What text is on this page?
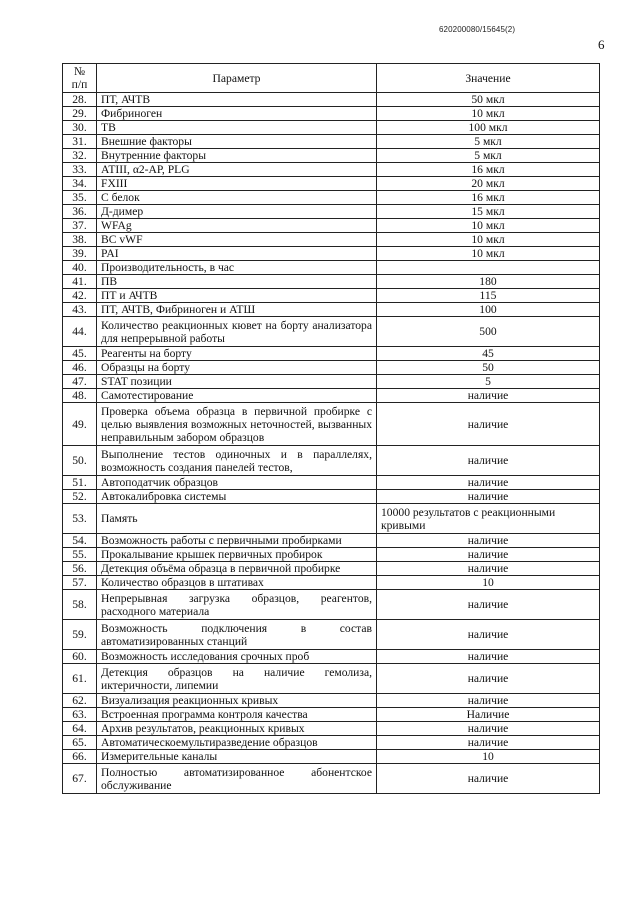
620200080/15645(2)
6
№
п/п	Параметр	Значение
28.	ПТ, АЧТВ	50 мкл
29.	Фибриноген	10 мкл
30.	ТВ	100 мкл
31.	Внешние факторы	5 мкл
32.	Внутренние факторы	5 мкл
33.	АТIII, α2-АР, PLG	16 мкл
34.	FXIII	20 мкл
35.	С белок	16 мкл
36.	Д-димер	15 мкл
37.	WFAg	10 мкл
38.	BC vWF	10 мкл
39.	PAI	10 мкл
40.	Производительность, в час	
41.	ПВ	180
42.	ПТ и АЧТВ	115
43.	ПТ, АЧТВ, Фибриноген и АТШ	100
44.	Количество реакционных кювет на борту анализатора для непрерывной работы	500
45.	Реагенты на борту	45
46.	Образцы на борту	50
47.	STAT позиции	5
48.	Самотестирование	наличие
49.	Проверка объема образца в первичной пробирке с целью выявления возможных неточностей, вызванных неправильным забором образцов	наличие
50.	Выполнение тестов одиночных и в параллелях, возможность создания панелей тестов,	наличие
51.	Автоподатчик образцов	наличие
52.	Автокалибровка системы	наличие
53.	Память	10000 результатов с реакционными кривыми
54.	Возможность работы с первичными пробирками	наличие
55.	Прокалывание крышек первичных пробирок	наличие
56.	Детекция объёма образца в первичной пробирке	наличие
57.	Количество образцов в штативах	10
58.	Непрерывная загрузка образцов, реагентов, расходного материала	наличие
59.	Возможность подключения в состав автоматизированных станций	наличие
60.	Возможность исследования срочных проб	наличие
61.	Детекция образцов на наличие гемолиза, иктеричности, липемии	наличие
62.	Визуализация реакционных кривых	наличие
63.	Встроенная программа контроля качества	Наличие
64.	Архив результатов, реакционных кривых	наличие
65.	Автоматическоемультиразведение образцов	наличие
66.	Измерительные каналы	10
67.	Полностью автоматизированное абонентское обслуживание	наличие
